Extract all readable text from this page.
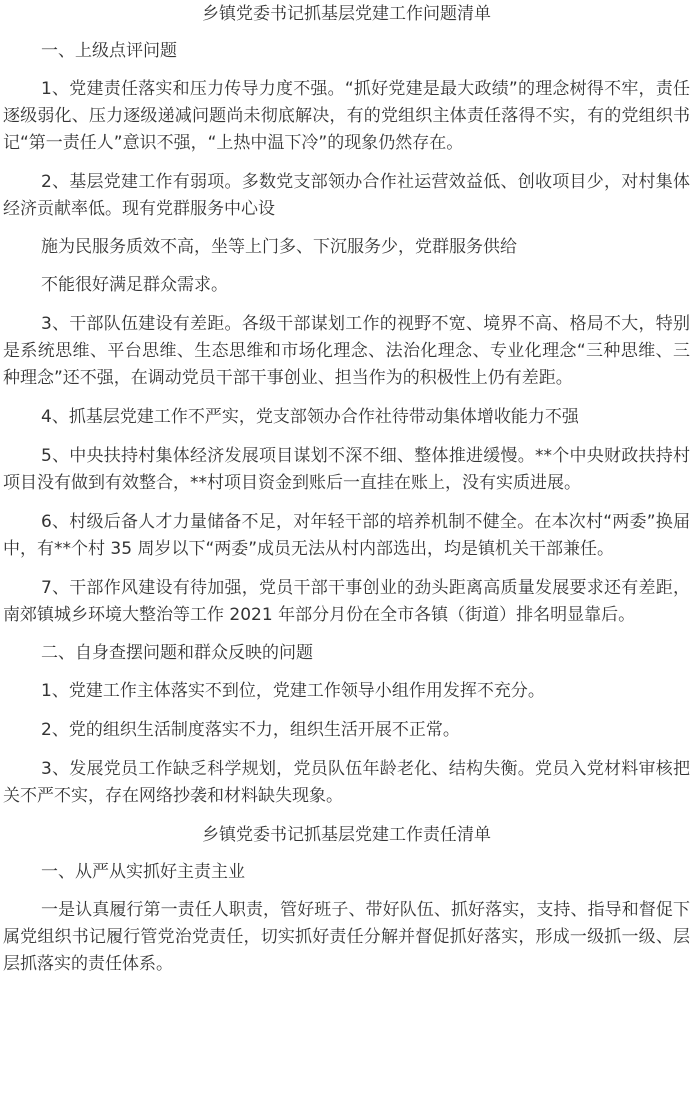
乡镇党委书记抓基层党建工作问题清单

一、上级点评问题

1、党建责任落实和压力传导力度不强。“抓好党建是最大政绩”的理念树得不牢，责任逐级弱化、压力逐级递减问题尚未彻底解决，有的党组织主体责任落得不实，有的党组织书记“第一责任人”意识不强，“上热中温下冷”的现象仍然存在。

2、基层党建工作有弱项。多数党支部领办合作社运营效益低、创收项目少，对村集体经济贡献率低。现有党群服务中心设

施为民服务质效不高，坐等上门多、下沉服务少，党群服务供给

不能很好满足群众需求。

3、干部队伍建设有差距。各级干部谋划工作的视野不宽、境界不高、格局不大，特别是系统思维、平台思维、生态思维和市场化理念、法治化理念、专业化理念“三种思维、三种理念”还不强，在调动党员干部干事创业、担当作为的积极性上仍有差距。

4、抓基层党建工作不严实，党支部领办合作社待带动集体增收能力不强

5、中央扶持村集体经济发展项目谋划不深不细、整体推进缓慢。**个中央财政扶持村项目没有做到有效整合，**村项目资金到账后一直挂在账上，没有实质进展。

6、村级后备人才力量储备不足，对年轻干部的培养机制不健全。在本次村“两委”换届中，有**个村 35 周岁以下“两委”成员无法从村内部选出，均是镇机关干部兼任。

7、干部作风建设有待加强，党员干部干事创业的劲头距离高质量发展要求还有差距，南郊镇城乡环境大整治等工作 2021 年部分月份在全市各镇（街道）排名明显靠后。

二、自身查摆问题和群众反映的问题

1、党建工作主体落实不到位，党建工作领导小组作用发挥不充分。

2、党的组织生活制度落实不力，组织生活开展不正常。

3、发展党员工作缺乏科学规划，党员队伍年龄老化、结构失衡。党员入党材料审核把关不严不实，存在网络抄袭和材料缺失现象。

乡镇党委书记抓基层党建工作责任清单

一、从严从实抓好主责主业

一是认真履行第一责任人职责，管好班子、带好队伍、抓好落实，支持、指导和督促下属党组织书记履行管党治党责任，切实抓好责任分解并督促抓好落实，形成一级抓一级、层层抓落实的责任体系。
